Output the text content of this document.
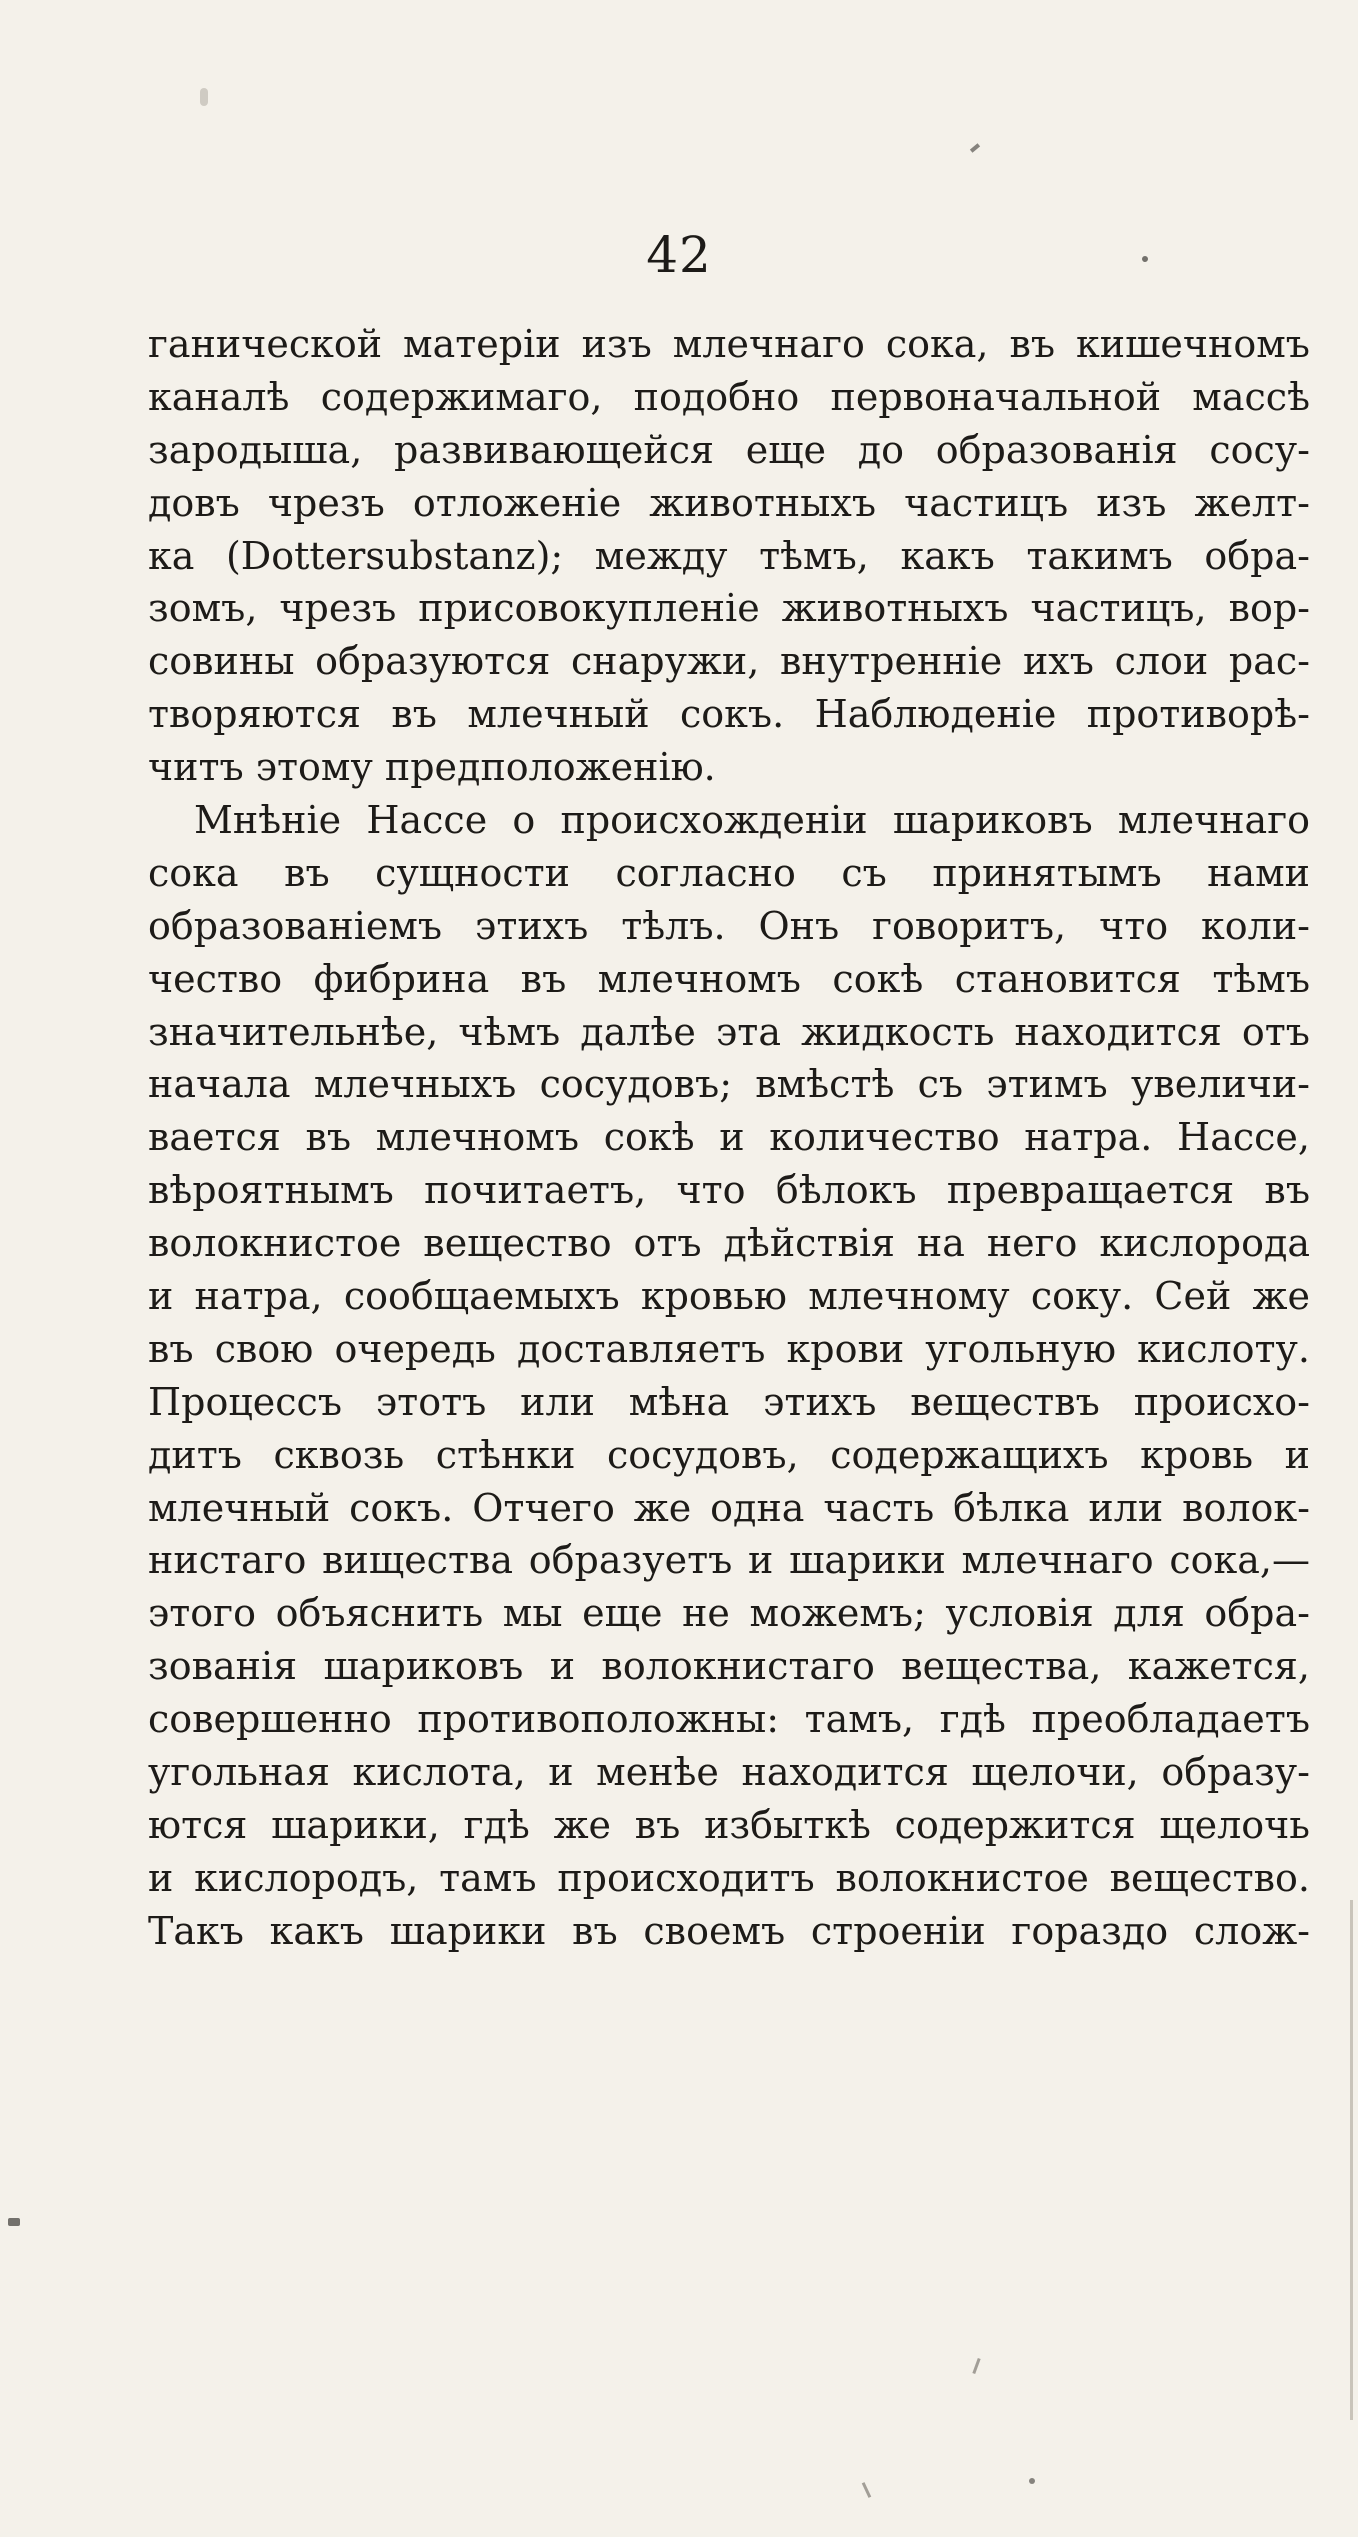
42
ганической матеріи изъ млечнаго сока, въ кишечномъ
каналѣ содержимаго, подобно первоначальной массѣ
зародыша, развивающейся еще до образованія сосу-
довъ чрезъ отложеніе животныхъ частицъ изъ желт-
ка (Dottersubstanz); между тѣмъ, какъ такимъ обра-
зомъ, чрезъ присовокупленіе животныхъ частицъ, вор-
совины образуются снаружи, внутренніе ихъ слои рас-
творяются въ млечный сокъ. Наблюденіе противорѣ-
читъ этому предположенію.
Мнѣніе Нассе о происхожденіи шариковъ млечнаго
сока въ сущности согласно съ принятымъ нами
образованіемъ этихъ тѣлъ. Онъ говоритъ, что коли-
чество фибрина въ млечномъ сокѣ становится тѣмъ
значительнѣе, чѣмъ далѣе эта жидкость находится отъ
начала млечныхъ сосудовъ; вмѣстѣ съ этимъ увеличи-
вается въ млечномъ сокѣ и количество натра. Нассе,
вѣроятнымъ почитаетъ, что бѣлокъ превращается въ
волокнистое вещество отъ дѣйствія на него кислорода
и натра, сообщаемыхъ кровью млечному соку. Сей же
въ свою очередь доставляетъ крови угольную кислоту.
Процессъ этотъ или мѣна этихъ веществъ происхо-
дитъ сквозь стѣнки сосудовъ, содержащихъ кровь и
млечный сокъ. Отчего же одна часть бѣлка или волок-
нистаго вищества образуетъ и шарики млечнаго сока,—
этого объяснить мы еще не можемъ; условія для обра-
зованія шариковъ и волокнистаго вещества, кажется,
совершенно противоположны: тамъ, гдѣ преобладаетъ
угольная кислота, и менѣе находится щелочи, образу-
ются шарики, гдѣ же въ избыткѣ содержится щелочь
и кислородъ, тамъ происходитъ волокнистое вещество.
Такъ какъ шарики въ своемъ строеніи гораздо слож-
